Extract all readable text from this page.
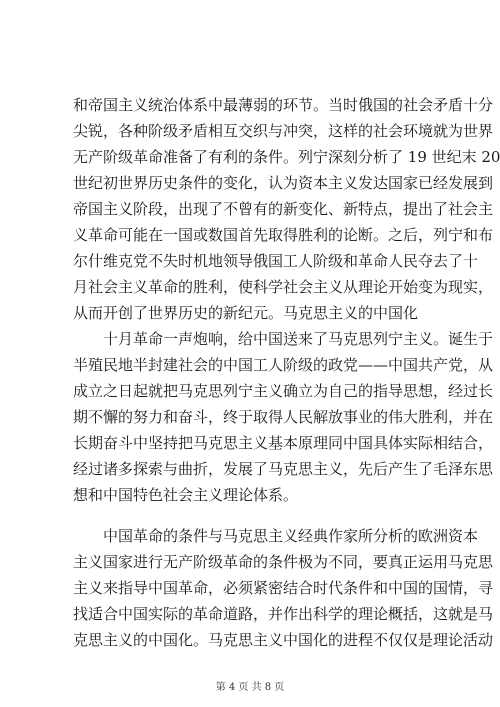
和帝国主义统治体系中最薄弱的环节。当时俄国的社会矛盾十分
尖锐，各种阶级矛盾相互交织与冲突，这样的社会环境就为世界
无产阶级革命准备了有利的条件。列宁深刻分析了 19 世纪末 20
世纪初世界历史条件的变化，认为资本主义发达国家已经发展到
帝国主义阶段，出现了不曾有的新变化、新特点，提出了社会主
义革命可能在一国或数国首先取得胜利的论断。之后，列宁和布
尔什维克党不失时机地领导俄国工人阶级和革命人民夺去了十
月社会主义革命的胜利，使科学社会主义从理论开始变为现实，
从而开创了世界历史的新纪元。马克思主义的中国化
十月革命一声炮响，给中国送来了马克思列宁主义。诞生于
半殖民地半封建社会的中国工人阶级的政党——中国共产党，从
成立之日起就把马克思列宁主义确立为自己的指导思想，经过长
期不懈的努力和奋斗，终于取得人民解放事业的伟大胜利，并在
长期奋斗中坚持把马克思主义基本原理同中国具体实际相结合，
经过诸多探索与曲折，发展了马克思主义，先后产生了毛泽东思
想和中国特色社会主义理论体系。
中国革命的条件与马克思主义经典作家所分析的欧洲资本
主义国家进行无产阶级革命的条件极为不同，要真正运用马克思
主义来指导中国革命，必须紧密结合时代条件和中国的国情，寻
找适合中国实际的革命道路，并作出科学的理论概括，这就是马
克思主义的中国化。马克思主义中国化的进程不仅仅是理论活动
第 4 页 共 8 页
